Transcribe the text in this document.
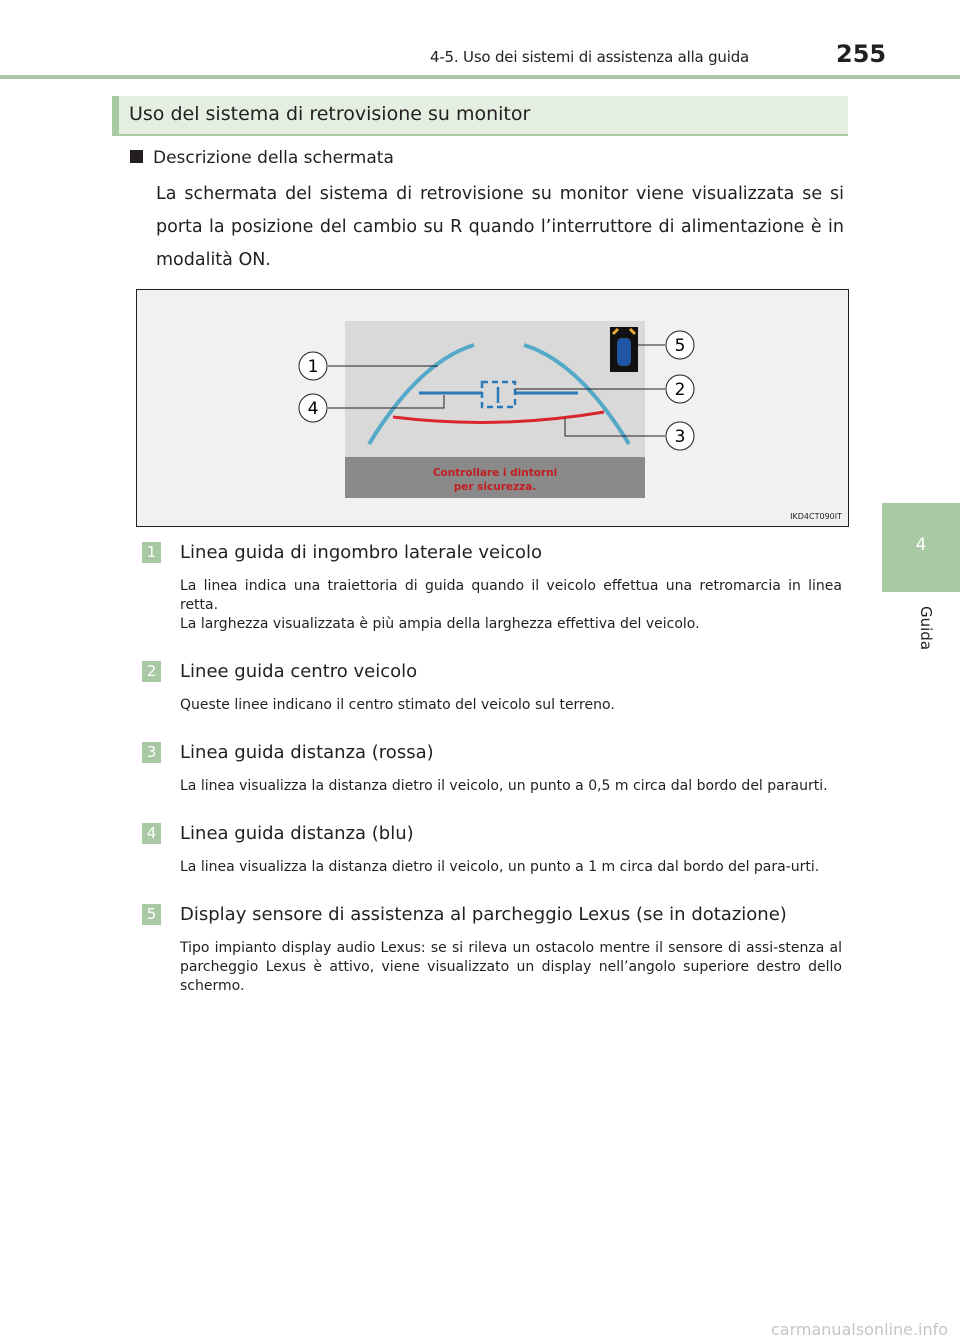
4-5. Uso dei sistemi di assistenza alla guida	255
Uso del sistema di retrovisione su monitor
Descrizione della schermata
La schermata del sistema di retrovisione su monitor viene visualizzata se si porta la posizione del cambio su R quando l’interruttore di alimentazione è in modalità ON.
Controllare i dintorni
per sicurezza.
1
4
5
2
3
IKD4CT090IT
1 Linea guida di ingombro laterale veicolo
La linea indica una traiettoria di guida quando il veicolo effettua una retromarcia in linea retta.
La larghezza visualizzata è più ampia della larghezza effettiva del veicolo.
2 Linee guida centro veicolo
Queste linee indicano il centro stimato del veicolo sul terreno.
3 Linea guida distanza (rossa)
La linea visualizza la distanza dietro il veicolo, un punto a 0,5 m circa dal bordo del paraurti.
4 Linea guida distanza (blu)
La linea visualizza la distanza dietro il veicolo, un punto a 1 m circa dal bordo del para-urti.
5 Display sensore di assistenza al parcheggio Lexus (se in dotazione)
Tipo impianto display audio Lexus: se si rileva un ostacolo mentre il sensore di assi-stenza al parcheggio Lexus è attivo, viene visualizzato un display nell’angolo superiore destro dello schermo.
4
Guida
carmanualsonline.info
